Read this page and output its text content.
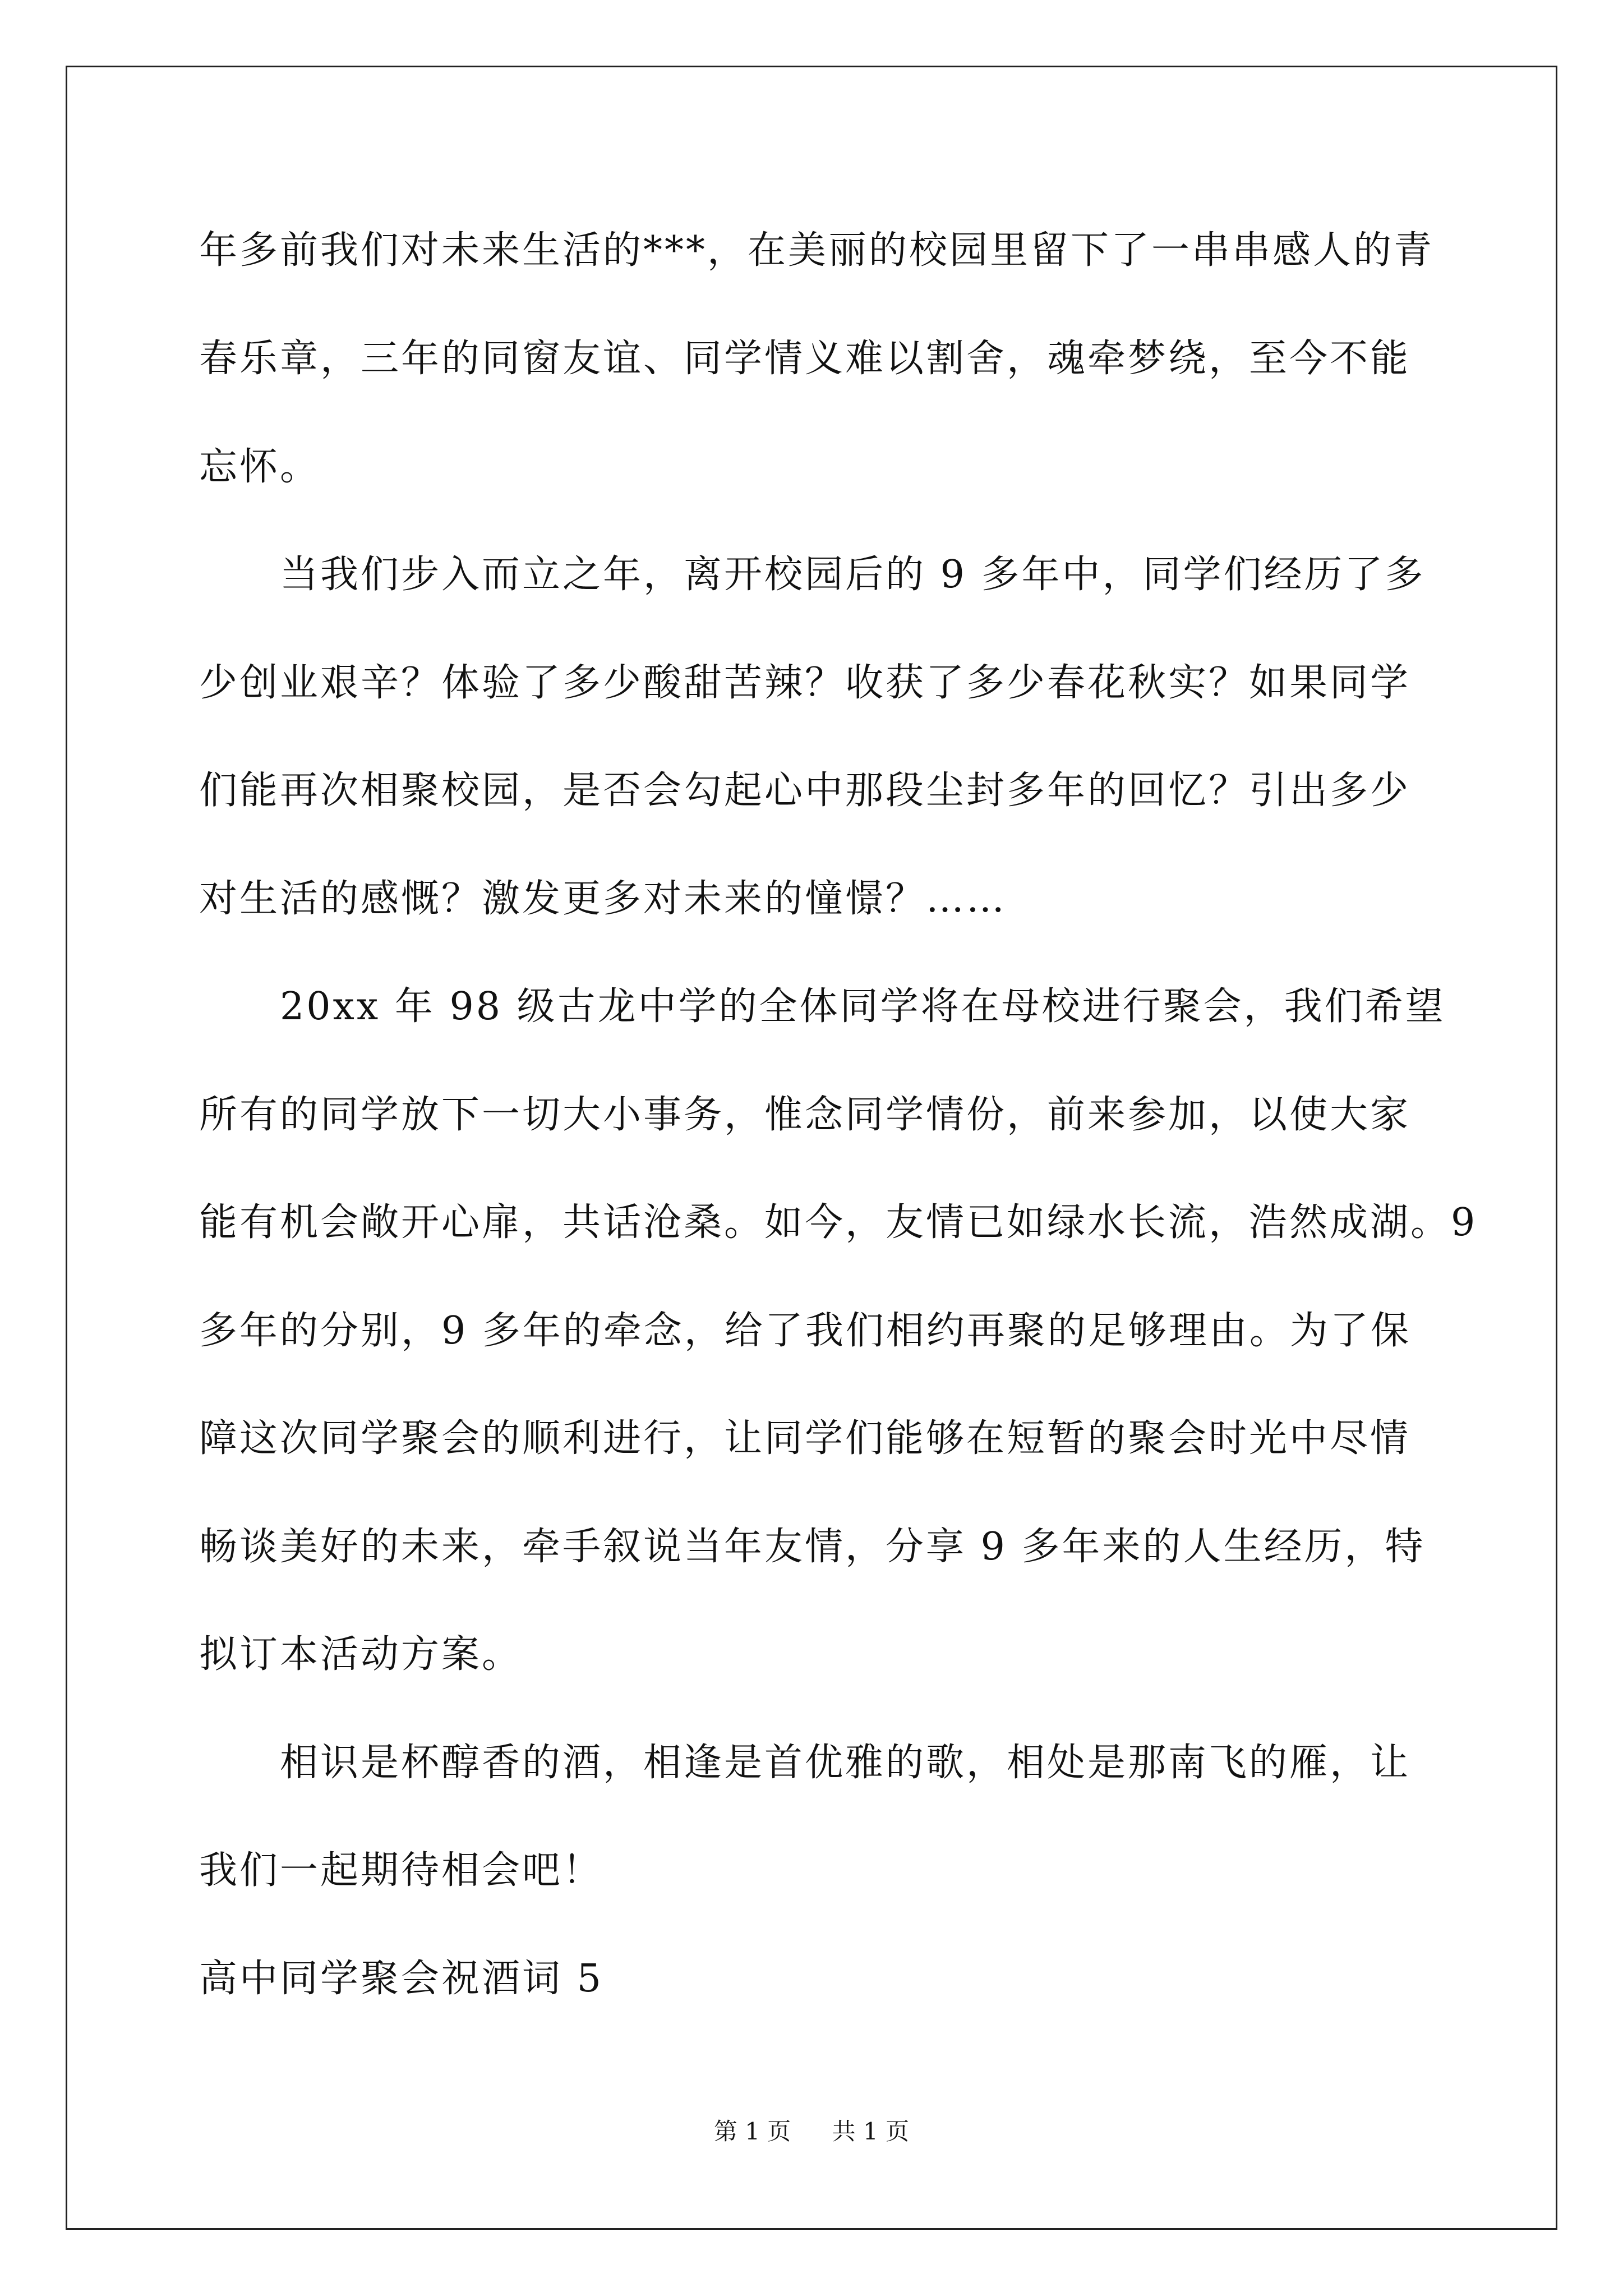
年多前我们对未来生活的***，在美丽的校园里留下了一串串感人的青
春乐章，三年的同窗友谊、同学情义难以割舍，魂牵梦绕，至今不能
忘怀。
　　当我们步入而立之年，离开校园后的 9 多年中，同学们经历了多
少创业艰辛？体验了多少酸甜苦辣？收获了多少春花秋实？如果同学
们能再次相聚校园，是否会勾起心中那段尘封多年的回忆？引出多少
对生活的感慨？激发更多对未来的憧憬？……
　　20xx 年 98 级古龙中学的全体同学将在母校进行聚会，我们希望
所有的同学放下一切大小事务，惟念同学情份，前来参加，以使大家
能有机会敞开心扉，共话沧桑。如今，友情已如绿水长流，浩然成湖。9
多年的分别，9 多年的牵念，给了我们相约再聚的足够理由。为了保
障这次同学聚会的顺利进行，让同学们能够在短暂的聚会时光中尽情
畅谈美好的未来，牵手叙说当年友情，分享 9 多年来的人生经历，特
拟订本活动方案。
　　相识是杯醇香的酒，相逢是首优雅的歌，相处是那南飞的雁，让
我们一起期待相会吧！
高中同学聚会祝酒词 5
第 1 页 共 1 页
